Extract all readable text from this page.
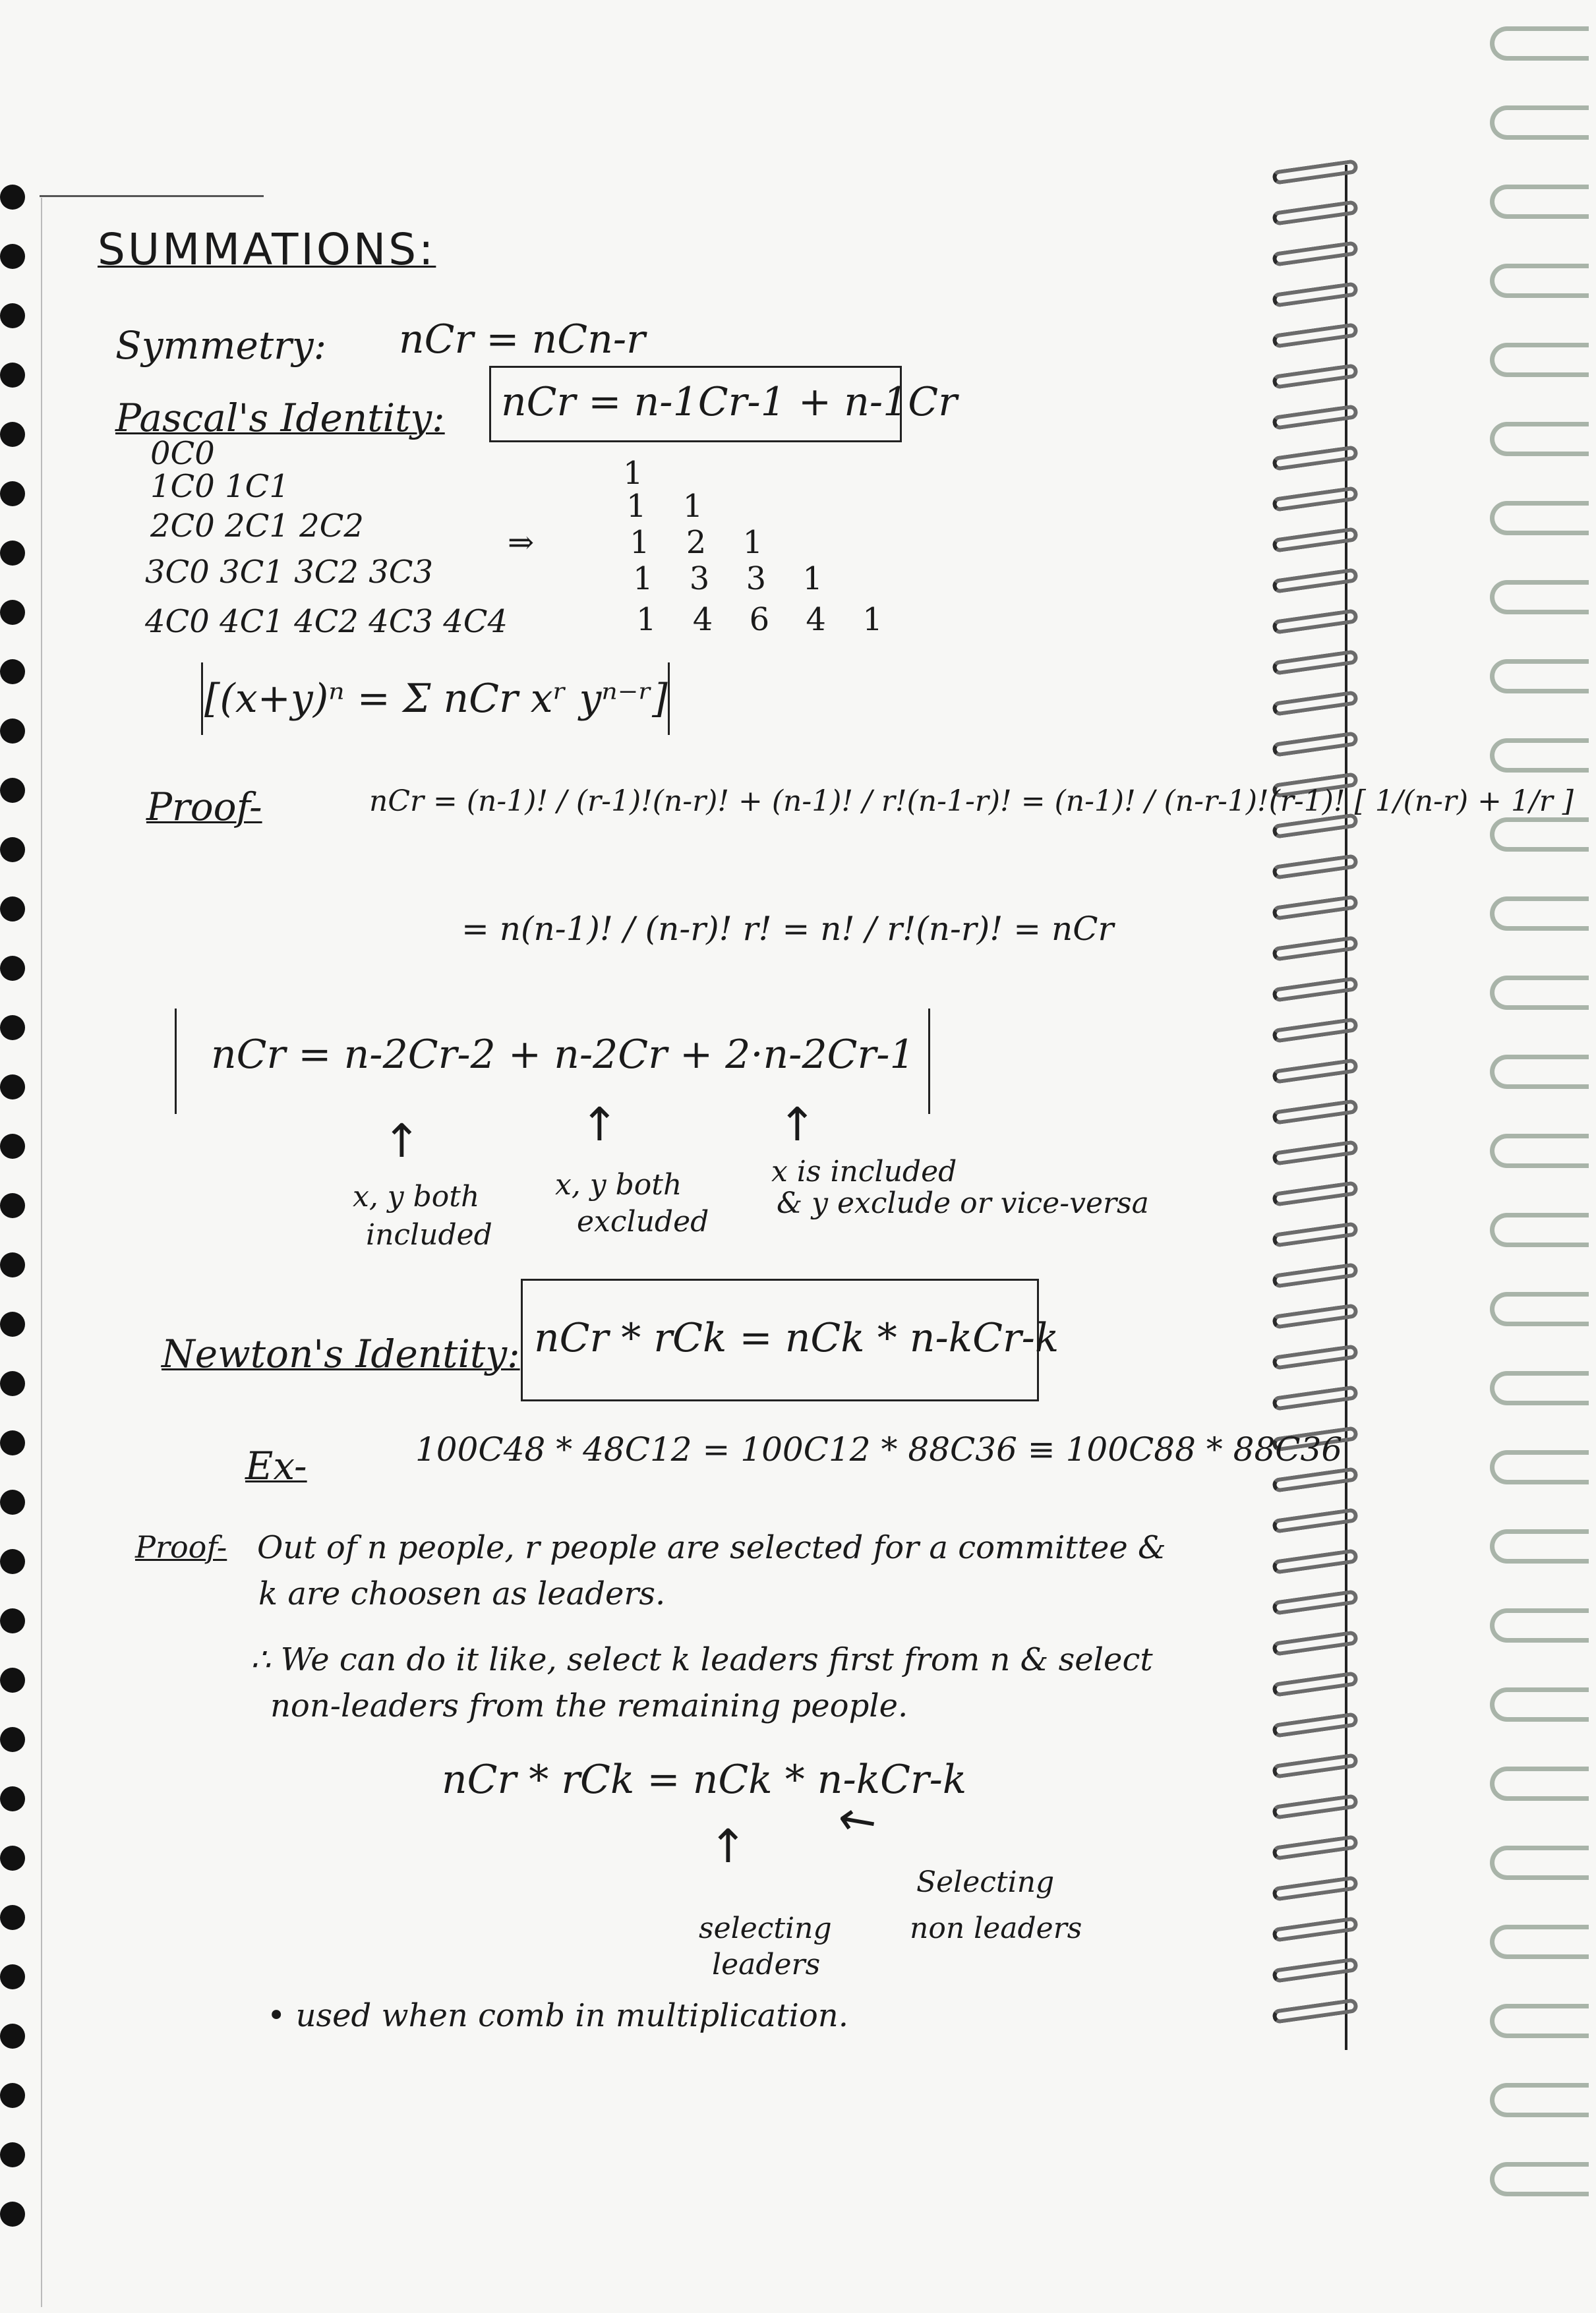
SUMMATIONS:
Symmetry: nCr = nCn-r
Pascal's Identity: nCr = n-1Cr-1 + n-1Cr
0C0
1C0 1C1
2C0 2C1 2C2
3C0 3C1 3C2 3C3
4C0 4C1 4C2 4C3 4C4
⇒
1
1 1
1 2 1
1 3 3 1
1 4 6 4 1
[(x+y)ⁿ = Σ nCr xʳ yⁿ⁻ʳ]
Proof-	nCr = (n-1)! / (r-1)!(n-r)! + (n-1)! / r!(n-1-r)! = (n-1)! / (n-r-1)!(r-1)! [ 1/(n-r) + 1/r ]
= n(n-1)! / (n-r)! r! = n! / r!(n-r)! = nCr
nCr = n-2Cr-2 + n-2Cr + 2·n-2Cr-1
↑	↑	↑
x, y both
included
x, y both
excluded
x is included
& y exclude or vice-versa
Newton's Identity: nCr * rCk = nCk * n-kCr-k
Ex-	100C48 * 48C12 = 100C12 * 88C36 ≡ 100C88 * 88C36
Proof- Out of n people, r people are selected for a committee &
k are choosen as leaders.
∴ We can do it like, select k leaders first from n & select
non-leaders from the remaining people.
nCr * rCk = nCk * n-kCr-k
↑ ↖
selecting
leaders
Selecting
non leaders
• used when comb in multiplication.
